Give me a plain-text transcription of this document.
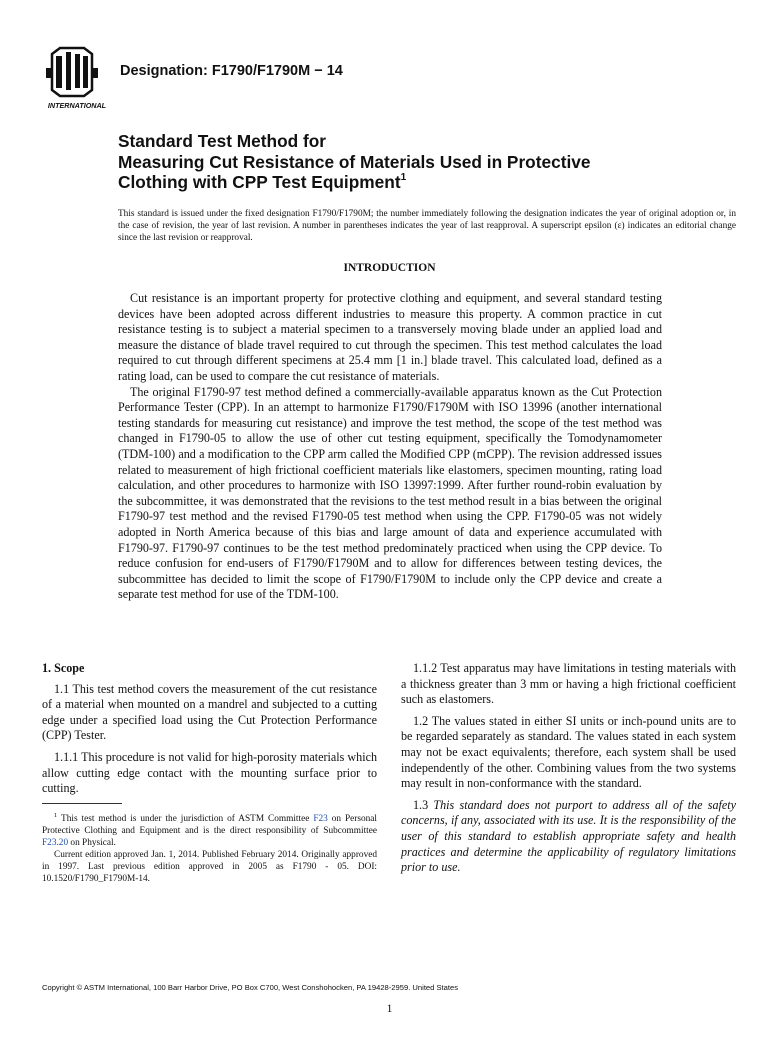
INTERNATIONAL
Designation: F1790/F1790M − 14
Standard Test Method for
Measuring Cut Resistance of Materials Used in Protective
Clothing with CPP Test Equipment$^1$
This standard is issued under the fixed designation F1790/F1790M; the number immediately following the designation indicates the year of original adoption or, in the case of revision, the year of last revision. A number in parentheses indicates the year of last reapproval. A superscript epsilon (ε) indicates an editorial change since the last revision or reapproval.
INTRODUCTION

Cut resistance is an important property for protective clothing and equipment, and several standard testing devices have been adopted across different industries to measure this property. A common practice in cut resistance testing is to subject a material specimen to a transversely moving blade under an applied load and measure the distance of blade travel required to cut through the specimen. This test method calculates the load required to cut through different specimens at 25.4 mm [1 in.] blade travel. This calculated load, defined as a rating load, can be used to compare the cut resistance of materials.

The original F1790-97 test method defined a commercially-available apparatus known as the Cut Protection Performance Tester (CPP). In an attempt to harmonize F1790/F1790M with ISO 13996 (another international testing standards for measuring cut resistance) and improve the test method, the scope of the test method was changed in F1790-05 to allow the use of other cut testing equipment, specifically the Tomodynamometer (TDM-100) and a modification to the CPP arm called the Modified CPP (mCPP). The revision addressed issues related to measurement of high frictional coefficient materials like elastomers, specimen mounting, rating load calculation, and other procedures to harmonize with ISO 13997:1999. After further round-robin evaluation by the subcommittee, it was demonstrated that the revisions to the test method result in a bias between the original F1790-97 test method and the revised F1790-05 test method when using the CPP. F1790-05 was not widely adopted in North America because of this bias and large amount of data and experience accumulated with F1790-97. F1790-97 continues to be the test method predominately practiced when using the CPP device. To reduce confusion for end-users of F1790/F1790M and to allow for differences between testing devices, the subcommittee has decided to limit the scope of F1790/F1790M to include only the CPP device and create a separate test method for use of the TDM-100.

1. Scope

1.1 This test method covers the measurement of the cut resistance of a material when mounted on a mandrel and subjected to a cutting edge under a specified load using the Cut Protection Performance (CPP) Tester.

1.1.1 This procedure is not valid for high-porosity materials which allow cutting edge contact with the mounting surface prior to cutting.

$^1$ This test method is under the jurisdiction of ASTM Committee F23 on Personal Protective Clothing and Equipment and is the direct responsibility of Subcommittee F23.20 on Physical.

Current edition approved Jan. 1, 2014. Published February 2014. Originally approved in 1997. Last previous edition approved in 2005 as F1790 - 05. DOI: 10.1520/F1790_F1790M-14.

1.1.2 Test apparatus may have limitations in testing materials with a thickness greater than 3 mm or having a high frictional coefficient such as elastomers.

1.2 The values stated in either SI units or inch-pound units are to be regarded separately as standard. The values stated in each system may not be exact equivalents; therefore, each system shall be used independently of the other. Combining values from the two systems may result in non-conformance with the standard.

1.3 This standard does not purport to address all of the safety concerns, if any, associated with its use. It is the responsibility of the user of this standard to establish appropriate safety and health practices and determine the applicability of regulatory limitations prior to use.

Copyright © ASTM International, 100 Barr Harbor Drive, PO Box C700, West Conshohocken, PA 19428-2959. United States
1
